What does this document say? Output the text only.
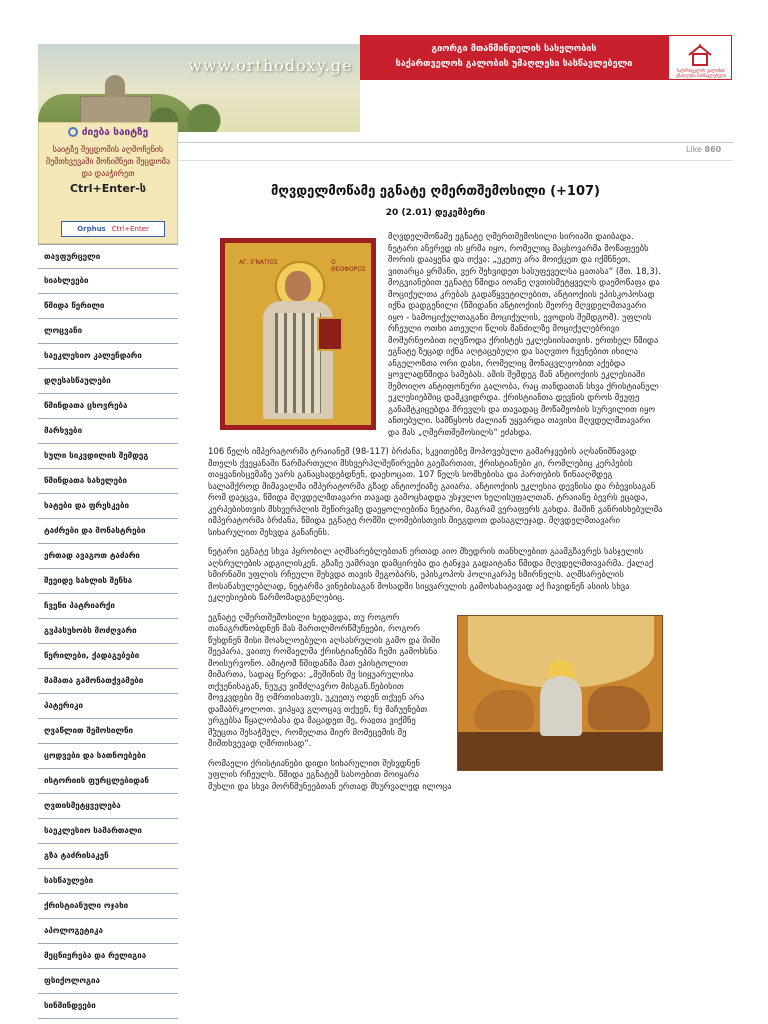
www.orthodoxy.ge
გიორგი მთაწმინდელის სახელობის
საქართველოს გალობის უმაღლესი სასწავლებელი
საქართველოს გალობის უმაღლესი სასწავლებელი
ძიება საიტზე
საიტზე შეცდომის აღმოჩენის შემთხვევაში მონიშნეთ შეცდომა და დააჭირეთ
Ctrl+Enter-ს
Orphus Ctrl+Enter
თავფურცელი
სიახლეები
წმიდა წერილი
ლოცვანი
საეკლესიო კალენდარი
დღესასწაულები
წმინდათა ცხოვრება
მარხვები
სული სიკვდილის შემდეგ
წმინდათა სახელები
ხატები და ფრესკები
ტაძრები და მონასტრები
ერთად ავაგოთ ტაძარი
შეეიდე სახლის შენსა
ჩვენი პატრიარქი
გვპასუხობს მოძღვარი
წერილები, ქადაგებები
მამათა გამონათქვამები
პატერიკი
ღვაწლით შემოსილნი
ცოდვები და სათნოებები
ისტორიის ფურცლებიდან
ღვთისმეტყველება
საეკლესიო სამართალი
გზა ტაძრისაკენ
სასწაულები
ქრისტიანული ოჯახი
აპოლოგეტიკა
მეცნიერება და რელიგია
ფსიქოლოგია
სინმინდეები
Like 860
მღვდელმოწამე ეგნატე ღმერთშემოსილი (+107)
20 (2.01) დეკემბერი
ΑΓ. ΙΓΝΑΤΙΟΣ	Ο ΘΕΟΦΟΡΟΣ

მღვდელმოწამე ეგნატე ღმერთშემოსილი სირიაში დაიბადა. ნეტარი ანერედ ის ყრმა იყო, რომელიც მაცხოვარმა მოწაფეებს შორის დააყენა და თქვა: „უკეთუ არა მოიქცეთ და იქმნნეთ, ვითარცა ყრმანი, ვერ შეხვიდეთ სასუფეველსა ცათასა“ (მთ. 18,3). მოგვიანებით ეგნატე წმიდა იოანე ღვთისმეტყველს დაემოწაფა და მოციქულთა კრებას გადაწყვეტილებით, ანტიოქიის ეპისკოპოსად იქნა დადგენილი (წმიდანი ანტიოქიის მეორე მღვდელმთავარი იყო - სამოციქულთაგანი მოციქულის, ევოდის შემდგომ). უფლის რჩეული ოთხი ათეული წლის მანძილზე მოციქულებრივი მოშურნეობით იღვწოდა ქრისტეს ეკლესიისათვის. ერთხელ წმიდა ეგნატე ზეცად იქნა აღტაცებული და საღვთო ჩვენებით იხილა ანგელოზთა ორი დასი, რომელიც მონაცვლეობით აქებდა ყოვლადწმიდა სამებას. ამის შემდეგ მან ანტიოქიის ეკლესიაში შემოიღო ანტიფონური გალობა, რაც თანდათან სხვა ქრისტიანულ ეკლესიებშიც დამკვიდრდა. ქრისტიანთა დევნის დროს მეუფე განამტკიცებდა მრევლს და თავადაც მოწამეობის სურვილით იყო ანთებული. სამწყსოს ძალიან უყვარდა თავისი მღვდელმთავარი და მას „ღმერთშემოსილს“ ეძახდა.

106 წელს იმპერატორმა ტრაიანემ (98-117) ბრძანა, სკვითებზე მოპოვებული გამარჯვების აღსანიშნავად მთელს ქვეყანაში წარმართული მსხვერპლშეწირვები გაემართათ, ქრისტიანები კი, რომლებიც კერპების თაყვანისცემაზე უარს განაცხადებდნენ, დაეხოცათ. 107 წელს სომხებისა და პართების წინააღმდეგ სალაშქროდ მიმავალმა იმპერატორმა გზად ანტიოქიაზე გაიარა. ანტიოქიის ეკლესია დევნისა და რბევისაგან რომ დაეცვა, წმიდა მღვდელმთავარი თავად გამოცხადდა უსჯულო ხელისუფალთან. ტრაიანე ბევრს ეცადა, კერპებისთვის მსხვერპლის შეწირვაზე დაეყოლიებინა ნეტარი, მაგრამ ვერაფერს გახდა. მაშინ განრისხებულმა იმპერატორმა ბრძანა, წმიდა ეგნატე რომში ლომებისთვის მიეგდოთ დასაგლეჯად. მღვდელმთავარი სიხარულით შეხვდა განაჩენს.

ნეტარი ეგნატე სხვა პყრობილ აღმსარებლებთან ერთად აიო მხედრის თანხლებით გაამგზავრეს სასჯელის აღსრულების ადგილისკენ. გზაზე უამრავი დამცირება და ტანჯვა გადაიტანა წმიდა მღვდელმთავარმა. ქალაქ სმირნაში უფლის რჩეული შეხვდა თავის მეგობარს, ეპისკოპოს პოლიკარპე სმირნელს. აღმსარებლის მოსანახულებლად, ნეტარმა ვინებისაგან მოსადში სიყვარულის გამოსახატავად აქ ჩავიდნენ ასიის სხვა ეკლესიების წარმომადგენლებიც.

ეგნატე ღმერთშემოსილი ხედავდა, თუ როგორ თანაგრძნობდნენ მას მართლმორწმუნეები, როგორ წუხდნენ მისი მოახლოებული აღსასრულის გამო და შიში შეეპარა, ვაითუ რომაელმა ქრისტიანებმა ჩემი გამოხსნა მოისურვონო. ამიტომ წმიდანმა მათ ეპისტოლით მიმართა, სადაც წერდა: „მეშინის მე სიყუარულისა თქუენისაგან, ნუუკუ ვიმძლავრო მისგან.წებისით მოვკვდები მე ღმრთისათჳს, უკუეთუ ოდენ თქუენ არა დამაბრკოლოთ. ვიპყავ გლოცავ თქუენ, ნუ მაჩუენებთ ურგებსა წყალობასა და მაცადეთ მე, რაჲთა ვიქმნე მჴეცთა შესაჭმელ, რომელთა მიერ მომეცემის მე მიმთხვევად ღმრთისად“.

რომაელი ქრისტიანები დიდი სიხარულით შეხვდნენ უფლის რჩეულს. წმიდა ეგნატემ სასოებით მოიყარა მუხლი და სხვა მორწმუნეებთან ერთად მხურვალედ ილოცა
